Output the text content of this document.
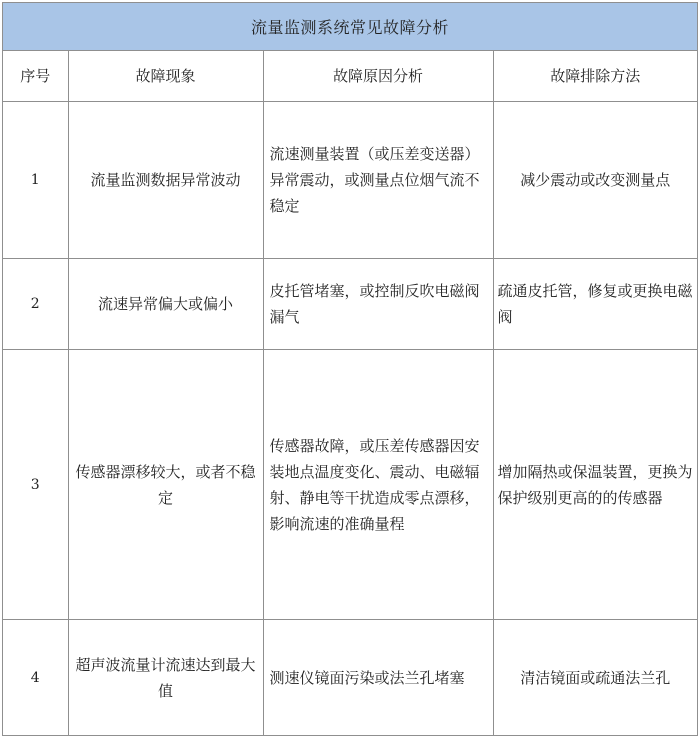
流量监测系统常见故障分析
序号	故障现象	故障原因分析	故障排除方法
1	流量监测数据异常波动	流速测量装置（或压差变送器）异常震动，或测量点位烟气流不稳定	减少震动或改变测量点
2	流速异常偏大或偏小	皮托管堵塞，或控制反吹电磁阀漏气	疏通皮托管，修复或更换电磁阀
3	传感器漂移较大，或者不稳定	传感器故障，或压差传感器因安装地点温度变化、震动、电磁辐射、静电等干扰造成零点漂移，影响流速的准确量程	增加隔热或保温装置，更换为保护级别更高的的传感器
4	超声波流量计流速达到最大值	测速仪镜面污染或法兰孔堵塞	清洁镜面或疏通法兰孔
